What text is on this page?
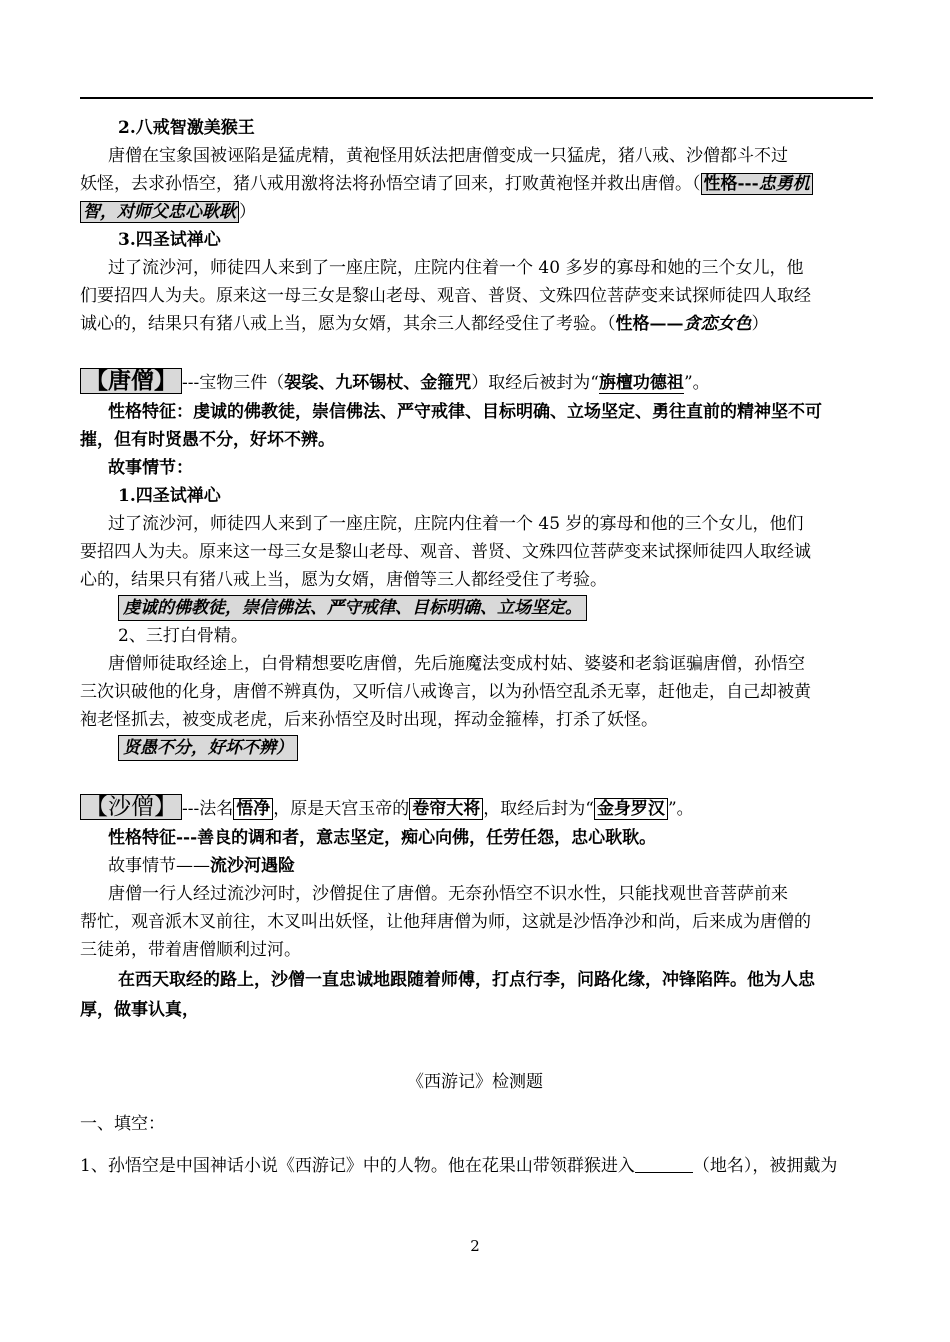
2.八戒智激美猴王
唐僧在宝象国被诬陷是猛虎精，黄袍怪用妖法把唐僧变成一只猛虎，猪八戒、沙僧都斗不过
妖怪，去求孙悟空，猪八戒用激将法将孙悟空请了回来，打败黄袍怪并救出唐僧。（ 性格---忠勇机
智，对师父忠心耿耿 ）
3.四圣试禅心
过了流沙河，师徒四人来到了一座庄院，庄院内住着一个 40 多岁的寡母和她的三个女儿，他
们要招四人为夫。原来这一母三女是黎山老母、观音、普贤、文殊四位菩萨变来试探师徒四人取经
诚心的，结果只有猪八戒上当，愿为女婿，其余三人都经受住了考验。（性格——贪恋女色）
【唐僧】 ---宝物三件（袈裟、九环锡杖、金箍咒）取经后被封为“旃檀功德祖”。
性格特征：虔诚的佛教徒，崇信佛法、严守戒律、目标明确、立场坚定、勇往直前的精神坚不可
摧，但有时贤愚不分，好坏不辨。
故事情节：
1.四圣试禅心
过了流沙河，师徒四人来到了一座庄院，庄院内住着一个 45 岁的寡母和他的三个女儿，他们
要招四人为夫。原来这一母三女是黎山老母、观音、普贤、文殊四位菩萨变来试探师徒四人取经诚
心的，结果只有猪八戒上当，愿为女婿，唐僧等三人都经受住了考验。
虔诚的佛教徒，崇信佛法、严守戒律、目标明确、立场坚定。
2、三打白骨精。
唐僧师徒取经途上，白骨精想要吃唐僧，先后施魔法变成村姑、婆婆和老翁诓骗唐僧，孙悟空
三次识破他的化身，唐僧不辨真伪，又听信八戒谗言，以为孙悟空乱杀无辜，赶他走，自己却被黄
袍老怪抓去，被变成老虎，后来孙悟空及时出现，挥动金箍棒，打杀了妖怪。
贤愚不分，好坏不辨）
【沙僧】 ---法名 悟净 ，原是天宫玉帝的 卷帘大将 ，取经后封为“ 金身罗汉 ”。
性格特征---善良的调和者，意志坚定，痴心向佛，任劳任怨，忠心耿耿。
故事情节——流沙河遇险
唐僧一行人经过流沙河时，沙僧捉住了唐僧。无奈孙悟空不识水性，只能找观世音菩萨前来
帮忙，观音派木叉前往，木叉叫出妖怪，让他拜唐僧为师，这就是沙悟净沙和尚，后来成为唐僧的
三徒弟，带着唐僧顺利过河。
在西天取经的路上，沙僧一直忠诚地跟随着师傅，打点行李，问路化缘，冲锋陷阵。他为人忠
厚，做事认真，
《西游记》检测题
一、填空：
1、孙悟空是中国神话小说《西游记》中的人物。他在花果山带领群猴进入	（地名），被拥戴为
2
